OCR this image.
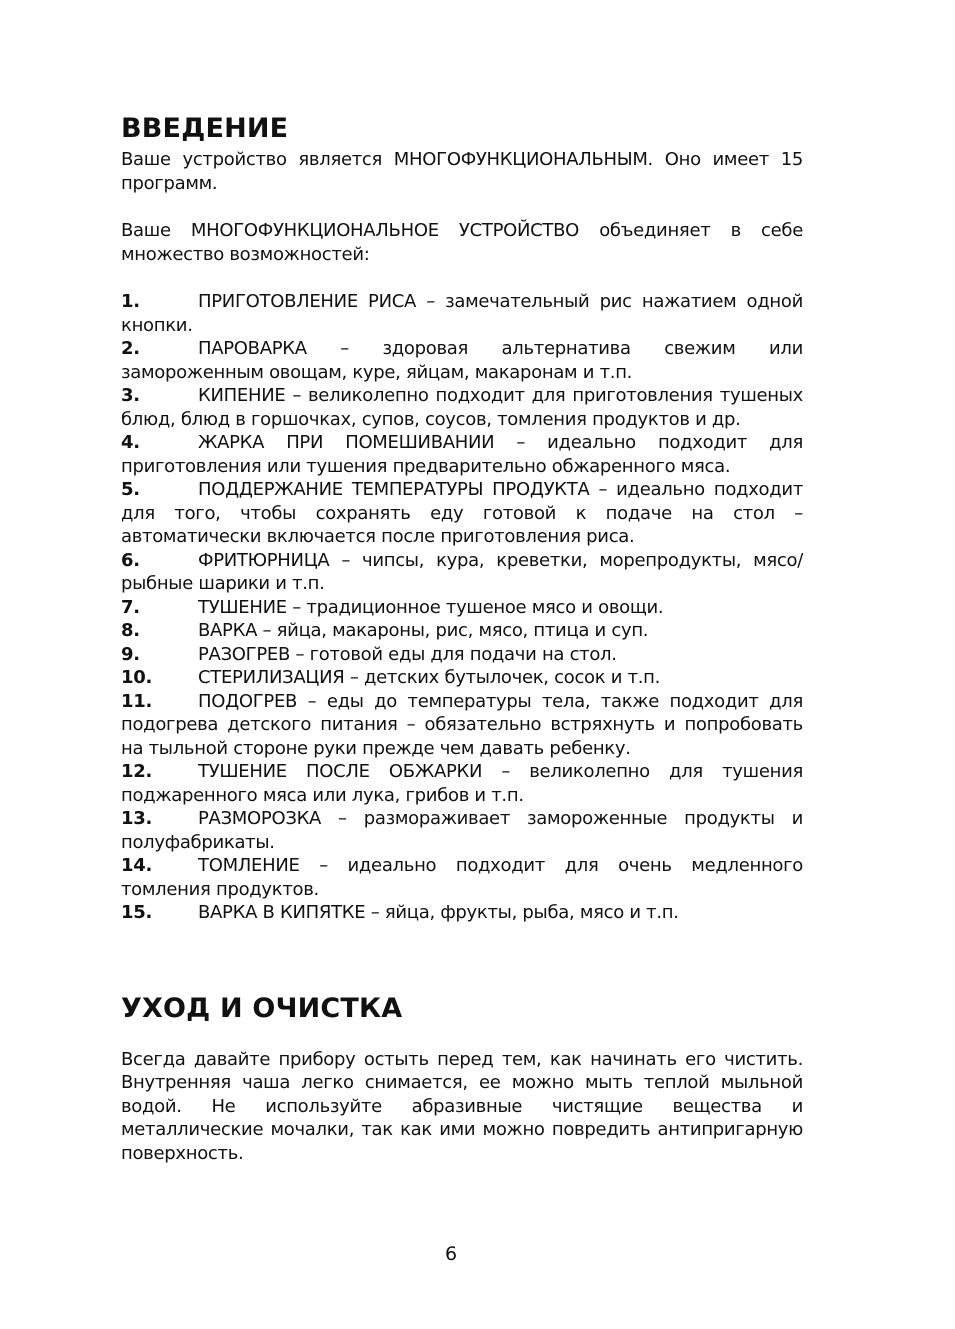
ВВЕДЕНИЕ

Ваше устройство является МНОГОФУНКЦИОНАЛЬНЫМ. Оно имеет 15 программ.

Ваше МНОГОФУНКЦИОНАЛЬНОЕ УСТРОЙСТВО объединяет в себе множество возможностей:

1.	ПРИГОТОВЛЕНИЕ РИСА – замечательный рис нажатием одной кнопки.
2.	ПАРОВАРКА – здоровая альтернатива свежим или замороженным овощам, куре, яйцам, макаронам и т.п.
3.	КИПЕНИЕ – великолепно подходит для приготовления тушеных блюд, блюд в горшочках, супов, соусов, томления продуктов и др.
4.	ЖАРКА ПРИ ПОМЕШИВАНИИ – идеально подходит для приготовления или тушения предварительно обжаренного мяса.
5.	ПОДДЕРЖАНИЕ ТЕМПЕРАТУРЫ ПРОДУКТА – идеально подходит для того, чтобы сохранять еду готовой к подаче на стол – автоматически включается после приготовления риса.
6.	ФРИТЮРНИЦА – чипсы, кура, креветки, морепродукты, мясо/рыбные шарики и т.п.
7.	ТУШЕНИЕ – традиционное тушеное мясо и овощи.
8.	ВАРКА – яйца, макароны, рис, мясо, птица и суп.
9.	РАЗОГРЕВ – готовой еды для подачи на стол.
10.	СТЕРИЛИЗАЦИЯ – детских бутылочек, сосок и т.п.
11.	ПОДОГРЕВ – еды до температуры тела, также подходит для подогрева детского питания – обязательно встряхнуть и попробовать на тыльной стороне руки прежде чем давать ребенку.
12.	ТУШЕНИЕ ПОСЛЕ ОБЖАРКИ – великолепно для тушения поджаренного мяса или лука, грибов и т.п.
13.	РАЗМОРОЗКА – размораживает замороженные продукты и полуфабрикаты.
14.	ТОМЛЕНИЕ – идеально подходит для очень медленного томления продуктов.
15.	ВАРКА В КИПЯТКЕ – яйца, фрукты, рыба, мясо и т.п.
УХОД И ОЧИСТКА

Всегда давайте прибору остыть перед тем, как начинать его чистить. Внутренняя чаша легко снимается, ее можно мыть теплой мыльной водой. Не используйте абразивные чистящие вещества и металлические мочалки, так как ими можно повредить антипригарную поверхность.

6
